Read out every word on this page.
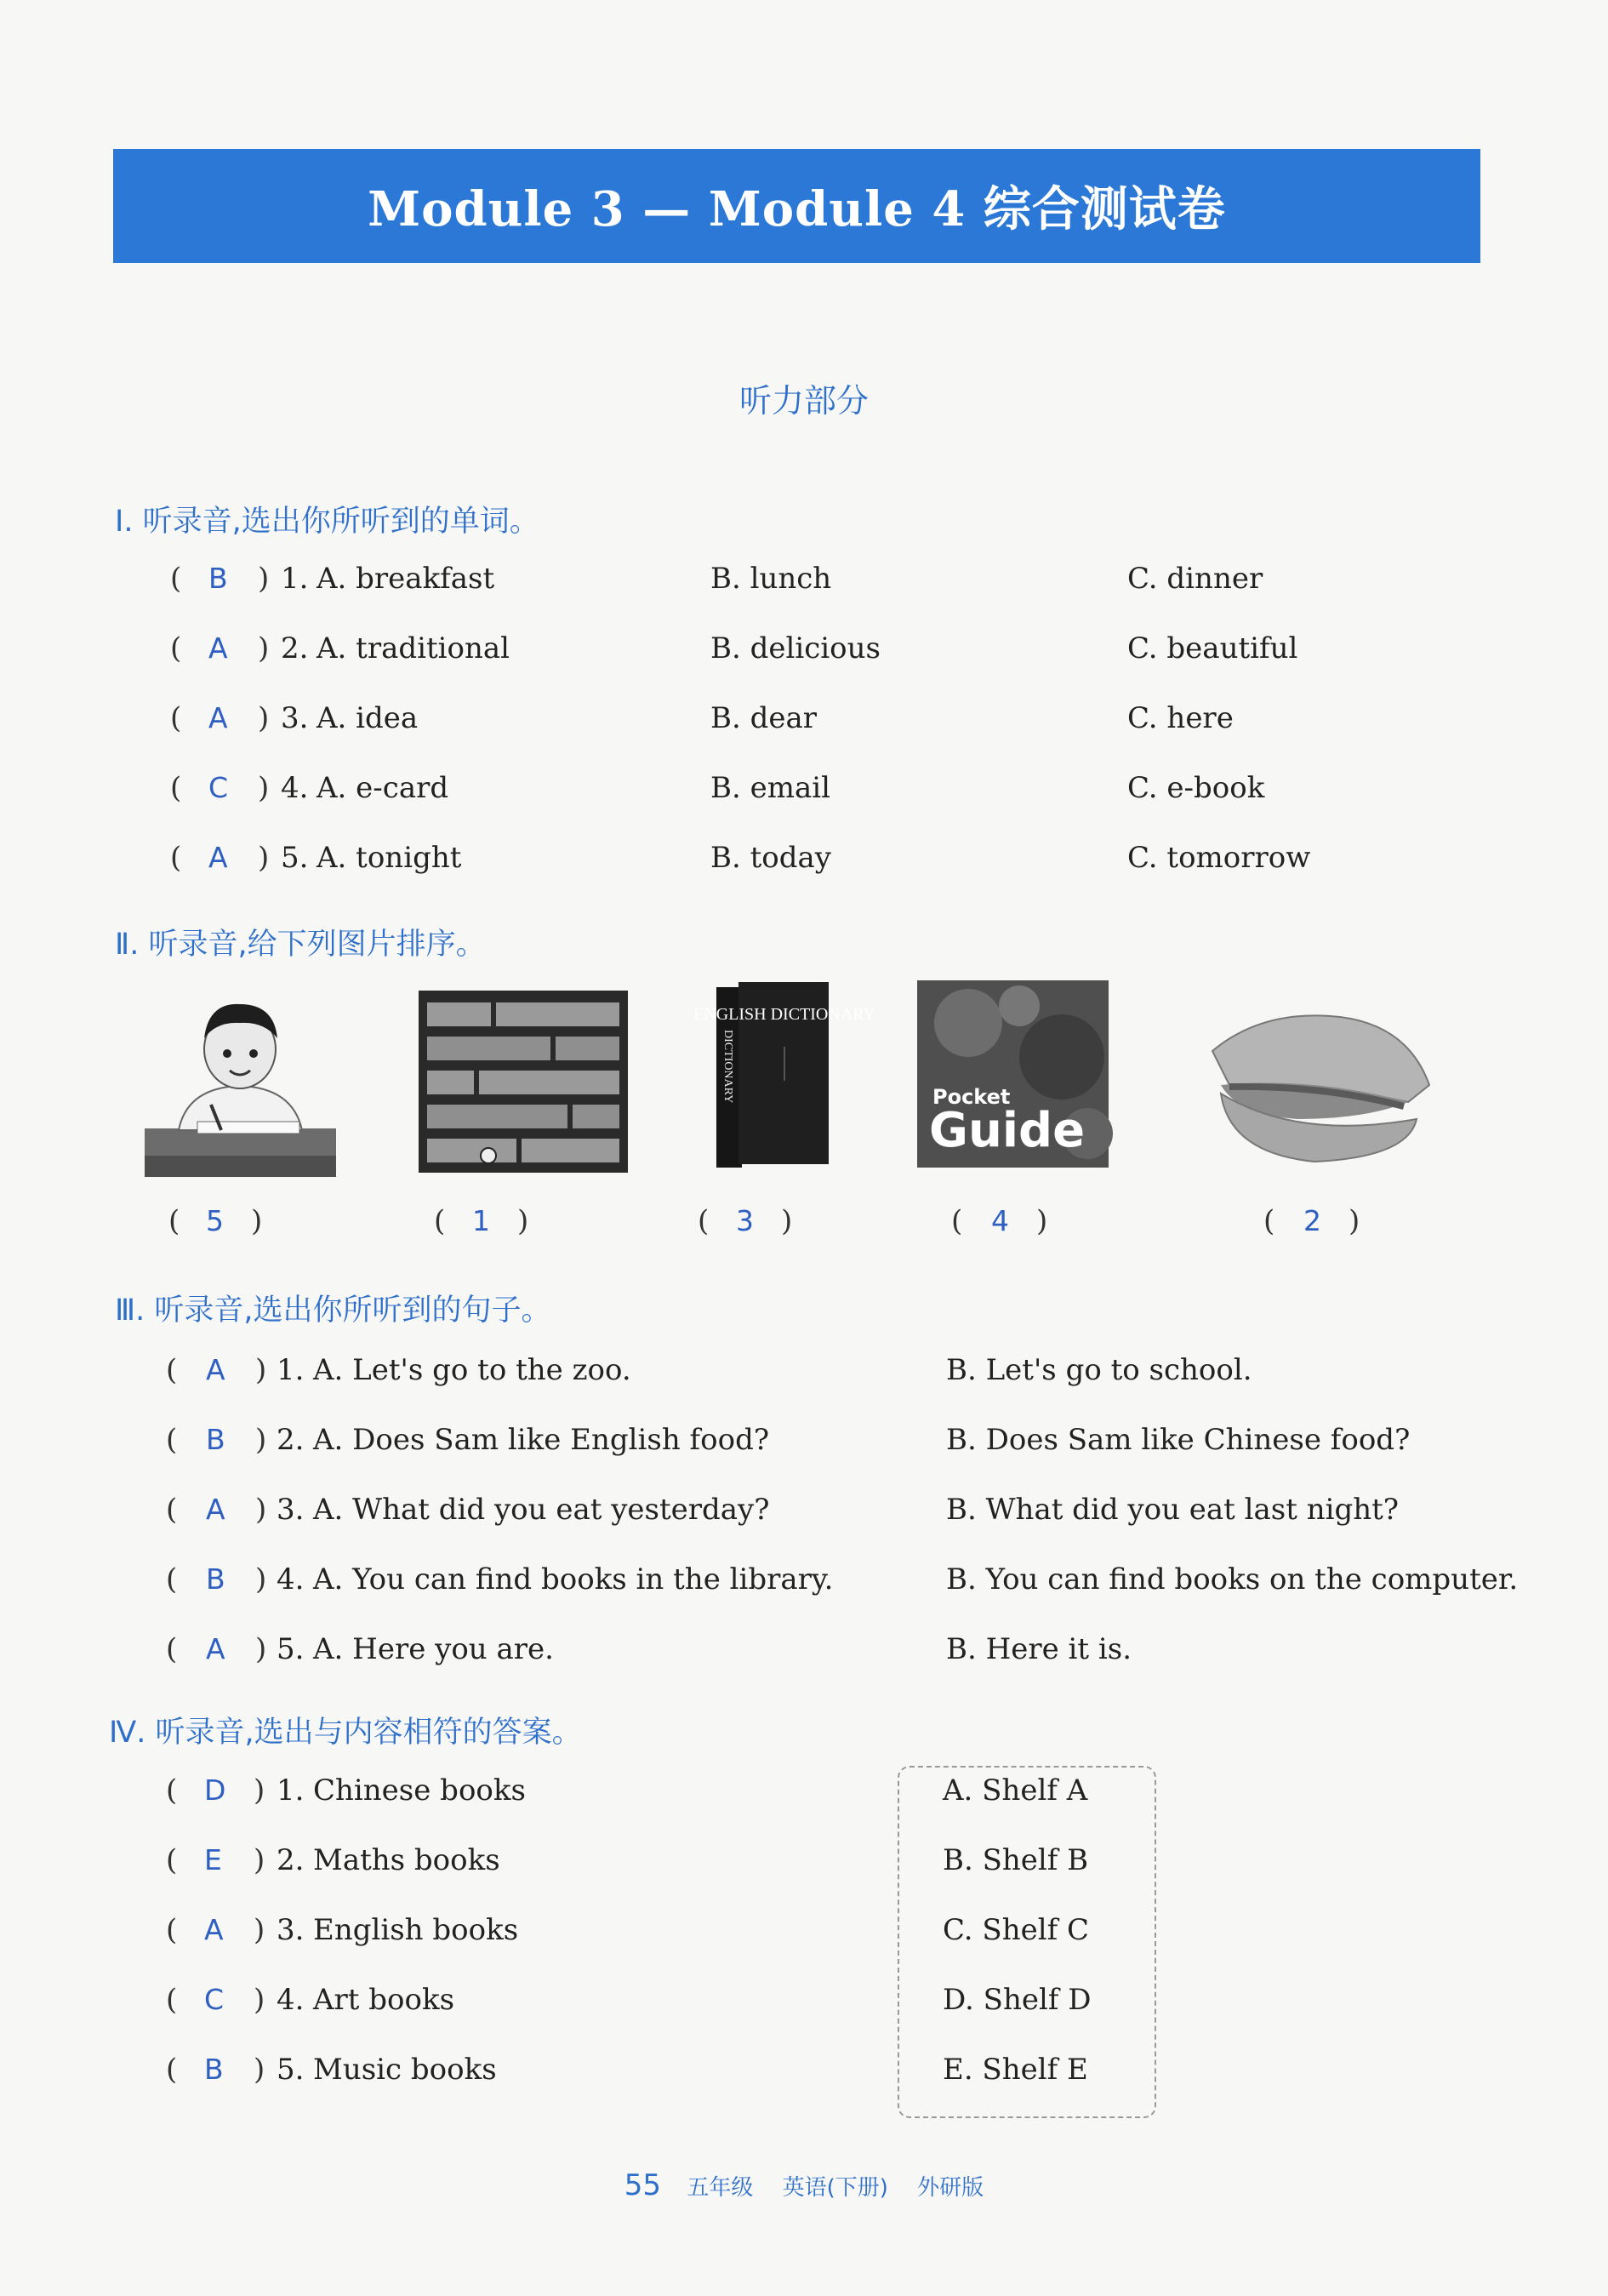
Module 3 — Module 4 综合测试卷
听力部分
Ⅰ. 听录音,选出你所听到的单词。
( B ) 1. A. breakfast	B. lunch	C. dinner
( A ) 2. A. traditional	B. delicious	C. beautiful
( A ) 3. A. idea	B. dear	C. here
( C ) 4. A. e-card	B. email	C. e-book
( A ) 5. A. tonight	B. today	C. tomorrow
Ⅱ. 听录音,给下列图片排序。
ENGLISH DICTIONARY
DICTIONARY	Pocket
Guide
( 5 )	( 1 )	( 3 )	( 4 )	( 2 )
Ⅲ. 听录音,选出你所听到的句子。
( A ) 1. A. Let's go to the zoo.	B. Let's go to school.
( B ) 2. A. Does Sam like English food?	B. Does Sam like Chinese food?
( A ) 3. A. What did you eat yesterday?	B. What did you eat last night?
( B ) 4. A. You can find books in the library.	B. You can find books on the computer.
( A ) 5. A. Here you are.	B. Here it is.
Ⅳ. 听录音,选出与内容相符的答案。
( D ) 1. Chinese books
( E ) 2. Maths books
( A ) 3. English books
( C ) 4. Art books
( B ) 5. Music books
A. Shelf A
B. Shelf B
C. Shelf C
D. Shelf D
E. Shelf E
55 五年级 英语(下册) 外研版
